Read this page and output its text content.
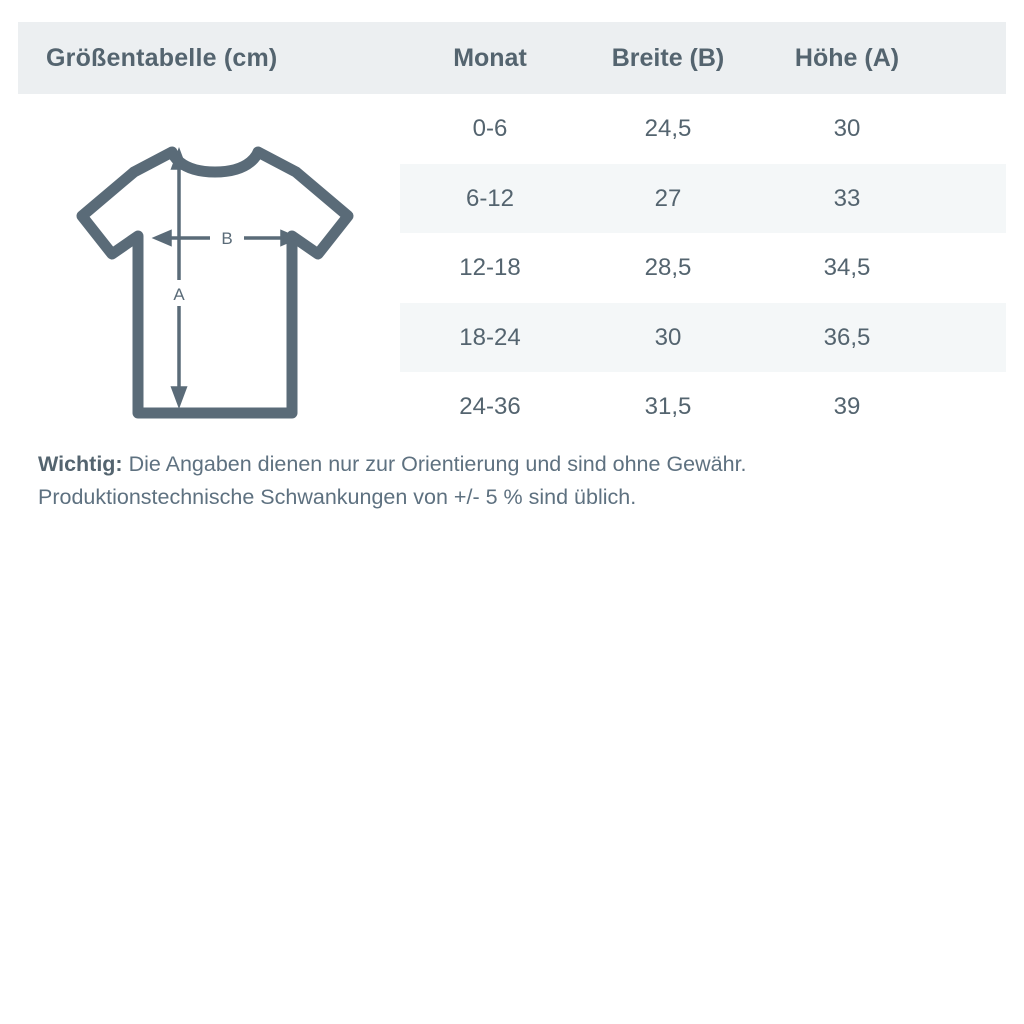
Größentabelle (cm)	Monat	Breite (B)	Höhe (A)
0-6	24,5	30
6-12	27	33
12-18	28,5	34,5
18-24	30	36,5
24-36	31,5	39
B
A
Wichtig: Die Angaben dienen nur zur Orientierung und sind ohne Gewähr.
Produktionstechnische Schwankungen von +/- 5 % sind üblich.
